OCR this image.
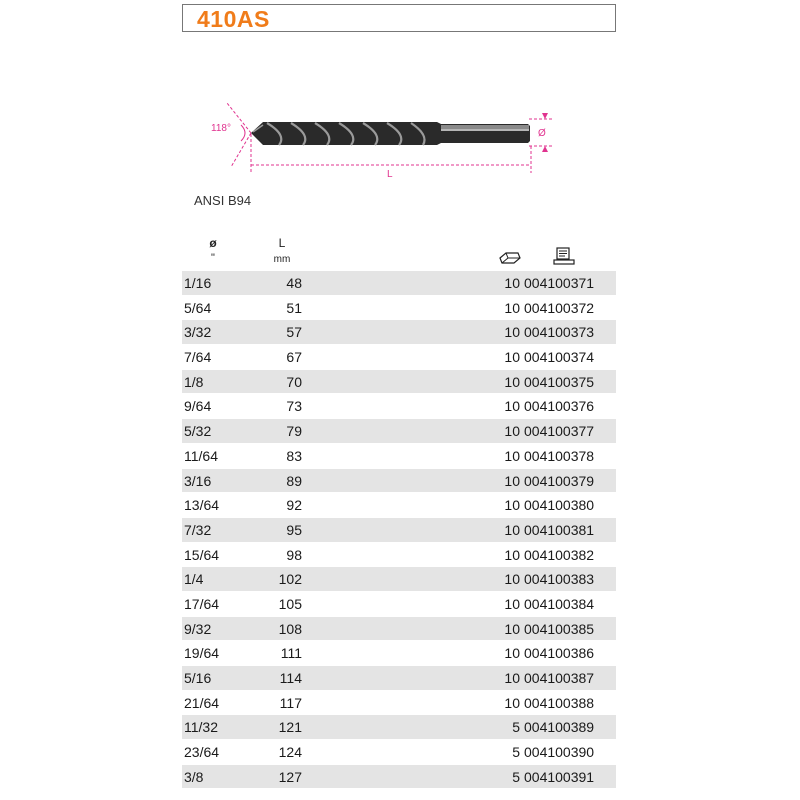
410AS
118°	Ø
L
ANSI B94
ø
"
L
mm
1/16	48	10 004100371
5/64	51	10 004100372
3/32	57	10 004100373
7/64	67	10 004100374
1/8	70	10 004100375
9/64	73	10 004100376
5/32	79	10 004100377
11/64	83	10 004100378
3/16	89	10 004100379
13/64	92	10 004100380
7/32	95	10 004100381
15/64	98	10 004100382
1/4	102	10 004100383
17/64	105	10 004100384
9/32	108	10 004100385
19/64	111	10 004100386
5/16	114	10 004100387
21/64	117	10 004100388
11/32	121	5 004100389
23/64	124	5 004100390
3/8	127	5 004100391
